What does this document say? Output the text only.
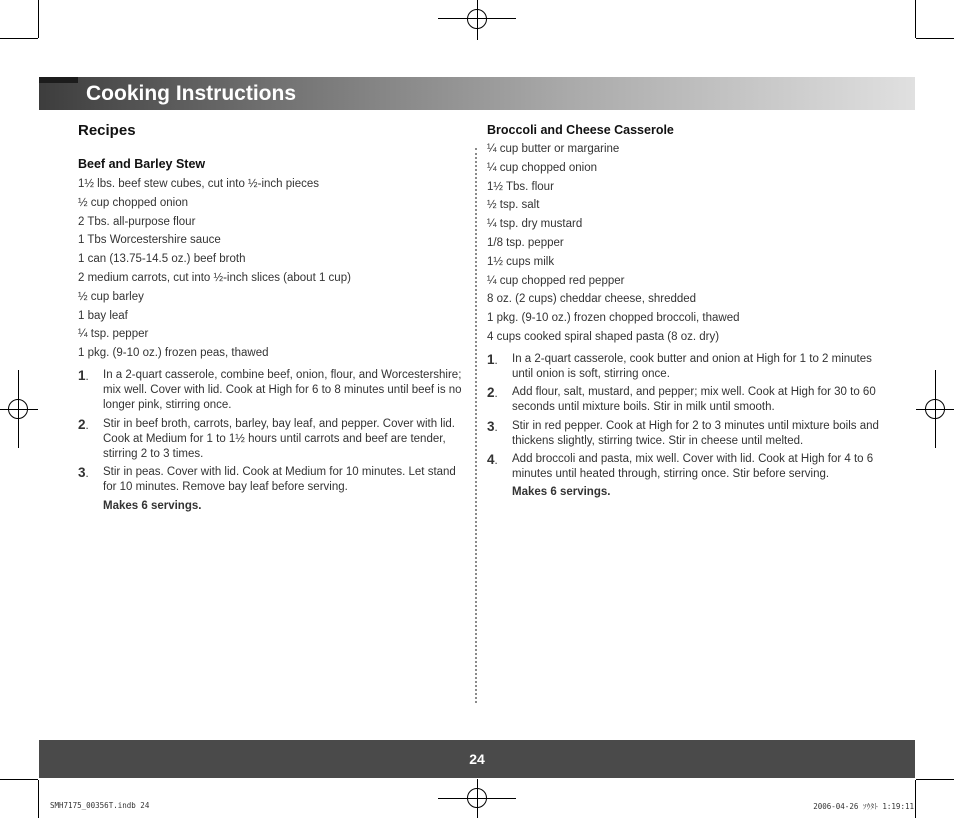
Cooking Instructions
Recipes
Beef and Barley Stew
1½ lbs. beef stew cubes, cut into ½-inch pieces
½ cup chopped onion
2 Tbs. all-purpose flour
1 Tbs Worcestershire sauce
1 can (13.75-14.5 oz.) beef broth
2 medium carrots, cut into ½-inch slices (about 1 cup)
½ cup barley
1 bay leaf
¼ tsp. pepper
1 pkg. (9-10 oz.) frozen peas, thawed
1.	In a 2-quart casserole, combine beef, onion, flour, and Worcestershire; mix well. Cover with lid. Cook at High for 6 to 8 minutes until beef is no longer pink, stirring once.
2.	Stir in beef broth, carrots, barley, bay leaf, and pepper. Cover with lid. Cook at Medium for 1 to 1½ hours until carrots and beef are tender, stirring 2 to 3 times.
3.	Stir in peas. Cover with lid. Cook at Medium for 10 minutes. Let stand for 10 minutes. Remove bay leaf before serving.

Makes 6 servings.

Broccoli and Cheese Casserole
¼ cup butter or margarine
¼ cup chopped onion
1½ Tbs. flour
½ tsp. salt
¼ tsp. dry mustard
1/8 tsp. pepper
1½ cups milk
¼ cup chopped red pepper
8 oz. (2 cups) cheddar cheese, shredded
1 pkg. (9-10 oz.) frozen chopped broccoli, thawed
4 cups cooked spiral shaped pasta (8 oz. dry)
1.	In a 2-quart casserole, cook butter and onion at High for 1 to 2 minutes until onion is soft, stirring once.
2.	Add flour, salt, mustard, and pepper; mix well. Cook at High for 30 to 60 seconds until mixture boils. Stir in milk until smooth.
3.	Stir in red pepper. Cook at High for 2 to 3 minutes until mixture boils and thickens slightly, stirring twice. Stir in cheese until melted.
4.	Add broccoli and pasta, mix well. Cover with lid. Cook at High for 4 to 6 minutes until heated through, stirring once. Stir before serving.

Makes 6 servings.

24

SMH7175_00356T.indb 24	2006-04-26 ｿｳﾀﾄ 1:19:11
